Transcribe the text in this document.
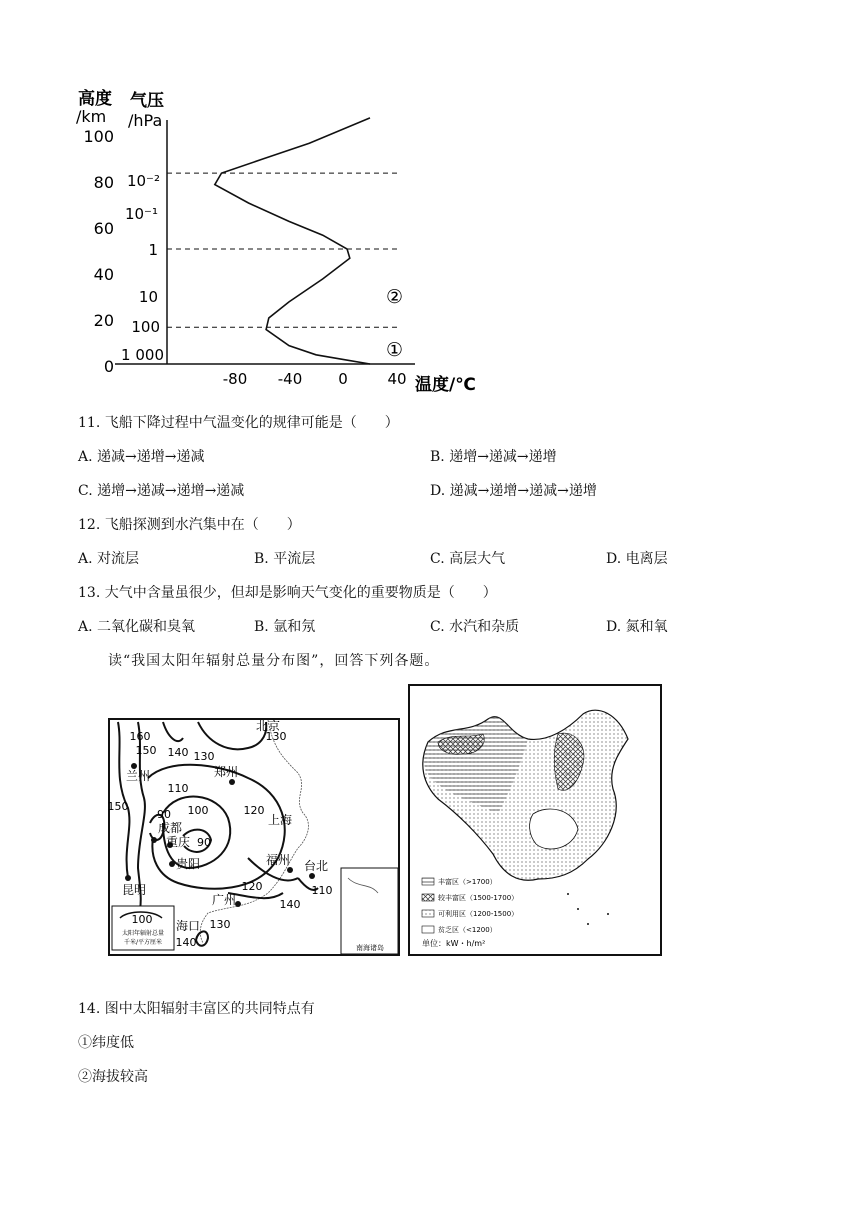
高度
/km
气压
/hPa
100
80
60
40
20
0
10⁻²
10⁻¹
1
10
100
1 000
-80 -40 0	40 温度/℃
②
①
11. 飞船下降过程中气温变化的规律可能是（　　）
A. 递减→递增→递减	B. 递增→递减→递增
C. 递增→递减→递增→递减	D. 递减→递增→递减→递增
12. 飞船探测到水汽集中在（　　）
A. 对流层	B. 平流层	C. 高层大气	D. 电离层
13. 大气中含量虽很少，但却是影响天气变化的重要物质是（　　）
A. 二氧化碳和臭氧	B. 氩和氖	C. 水汽和杂质	D. 氮和氧
读“我国太阳年辐射总量分布图”，回答下列各题。
160
150 140 130
130
150
110
100
90
90
120
120	110
140
130
140
北京
兰州	郑州
成都
重庆
上海
贵阳	福州 台北
昆明
广州
海口
100
太阳年辐射总量
千米/平方厘米
南海诸岛
丰富区（>1700）
较丰富区（1500-1700）
可利用区（1200-1500）
贫乏区（<1200）
单位：kW・h/m²
14. 图中太阳辐射丰富区的共同特点有
①纬度低
②海拔较高
